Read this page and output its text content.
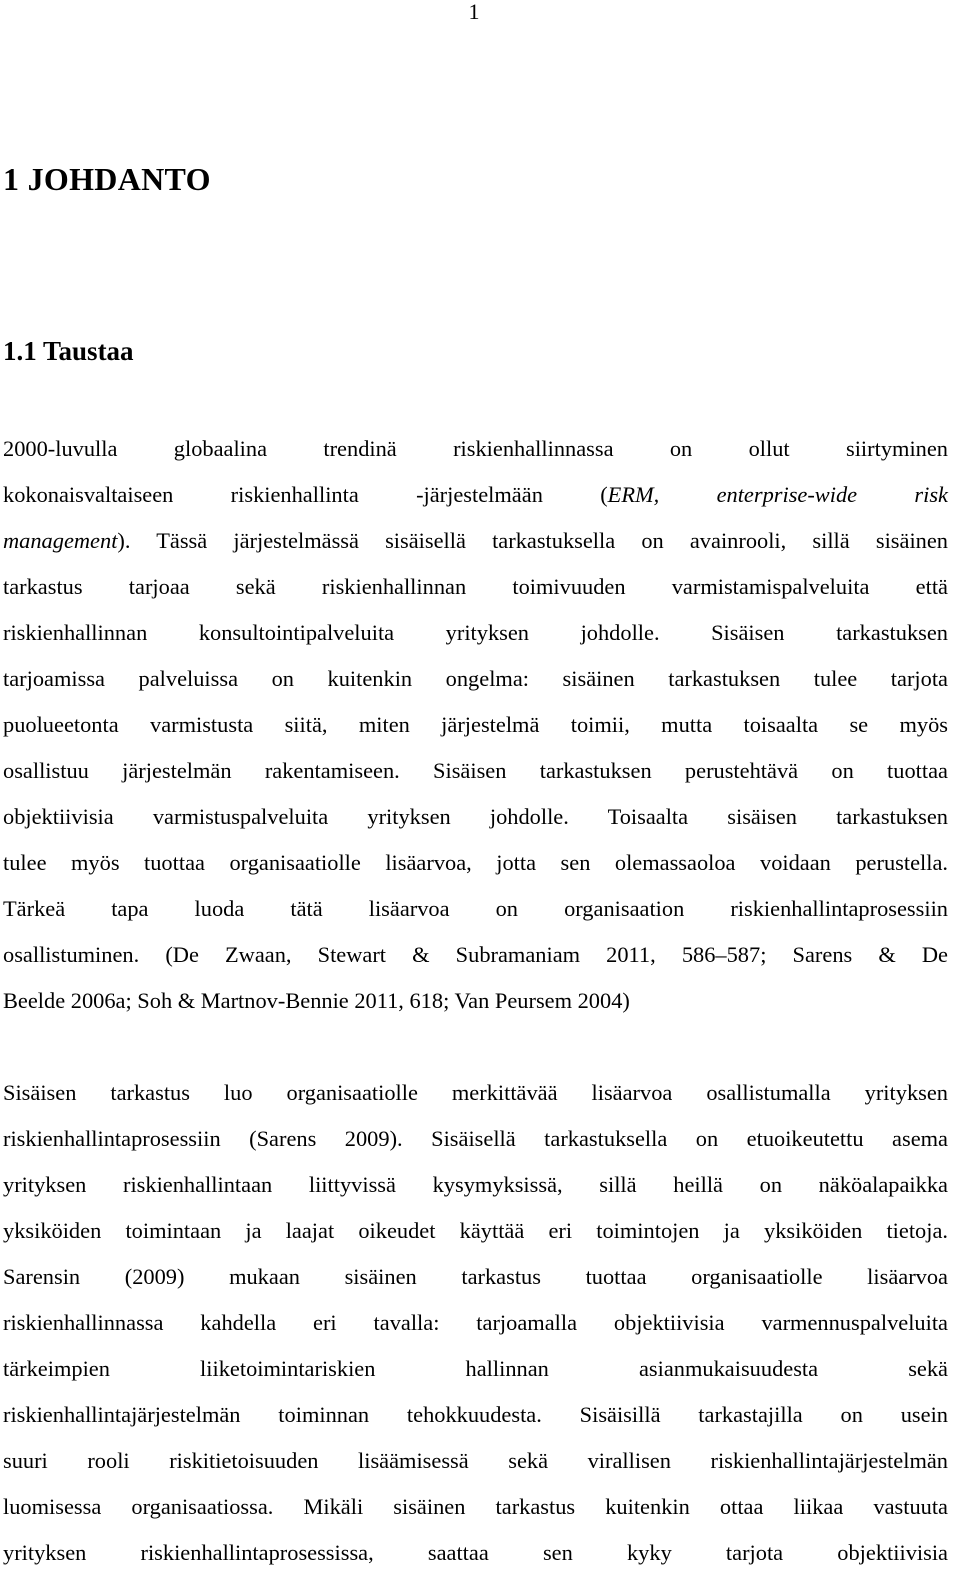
1
1 JOHDANTO
1.1 Taustaa
2000-luvulla globaalina trendinä riskienhallinnassa on ollut siirtyminen
kokonaisvaltaiseen riskienhallinta -järjestelmään (ERM, enterprise-wide risk
management). Tässä järjestelmässä sisäisellä tarkastuksella on avainrooli, sillä sisäinen
tarkastus tarjoaa sekä riskienhallinnan toimivuuden varmistamispalveluita että
riskienhallinnan konsultointipalveluita yrityksen johdolle. Sisäisen tarkastuksen
tarjoamissa palveluissa on kuitenkin ongelma: sisäinen tarkastuksen tulee tarjota
puolueetonta varmistusta siitä, miten järjestelmä toimii, mutta toisaalta se myös
osallistuu järjestelmän rakentamiseen. Sisäisen tarkastuksen perustehtävä on tuottaa
objektiivisia varmistuspalveluita yrityksen johdolle. Toisaalta sisäisen tarkastuksen
tulee myös tuottaa organisaatiolle lisäarvoa, jotta sen olemassaoloa voidaan perustella.
Tärkeä tapa luoda tätä lisäarvoa on organisaation riskienhallintaprosessiin
osallistuminen. (De Zwaan, Stewart & Subramaniam 2011, 586–587; Sarens & De
Beelde 2006a; Soh & Martnov-Bennie 2011, 618; Van Peursem 2004)
Sisäisen tarkastus luo organisaatiolle merkittävää lisäarvoa osallistumalla yrityksen
riskienhallintaprosessiin (Sarens 2009). Sisäisellä tarkastuksella on etuoikeutettu asema
yrityksen riskienhallintaan liittyvissä kysymyksissä, sillä heillä on näköalapaikka
yksiköiden toimintaan ja laajat oikeudet käyttää eri toimintojen ja yksiköiden tietoja.
Sarensin (2009) mukaan sisäinen tarkastus tuottaa organisaatiolle lisäarvoa
riskienhallinnassa kahdella eri tavalla: tarjoamalla objektiivisia varmennuspalveluita
tärkeimpien liiketoimintariskien hallinnan asianmukaisuudesta sekä
riskienhallintajärjestelmän toiminnan tehokkuudesta. Sisäisillä tarkastajilla on usein
suuri rooli riskitietoisuuden lisäämisessä sekä virallisen riskienhallintajärjestelmän
luomisessa organisaatiossa. Mikäli sisäinen tarkastus kuitenkin ottaa liikaa vastuuta
yrityksen riskienhallintaprosessissa, saattaa sen kyky tarjota objektiivisia
